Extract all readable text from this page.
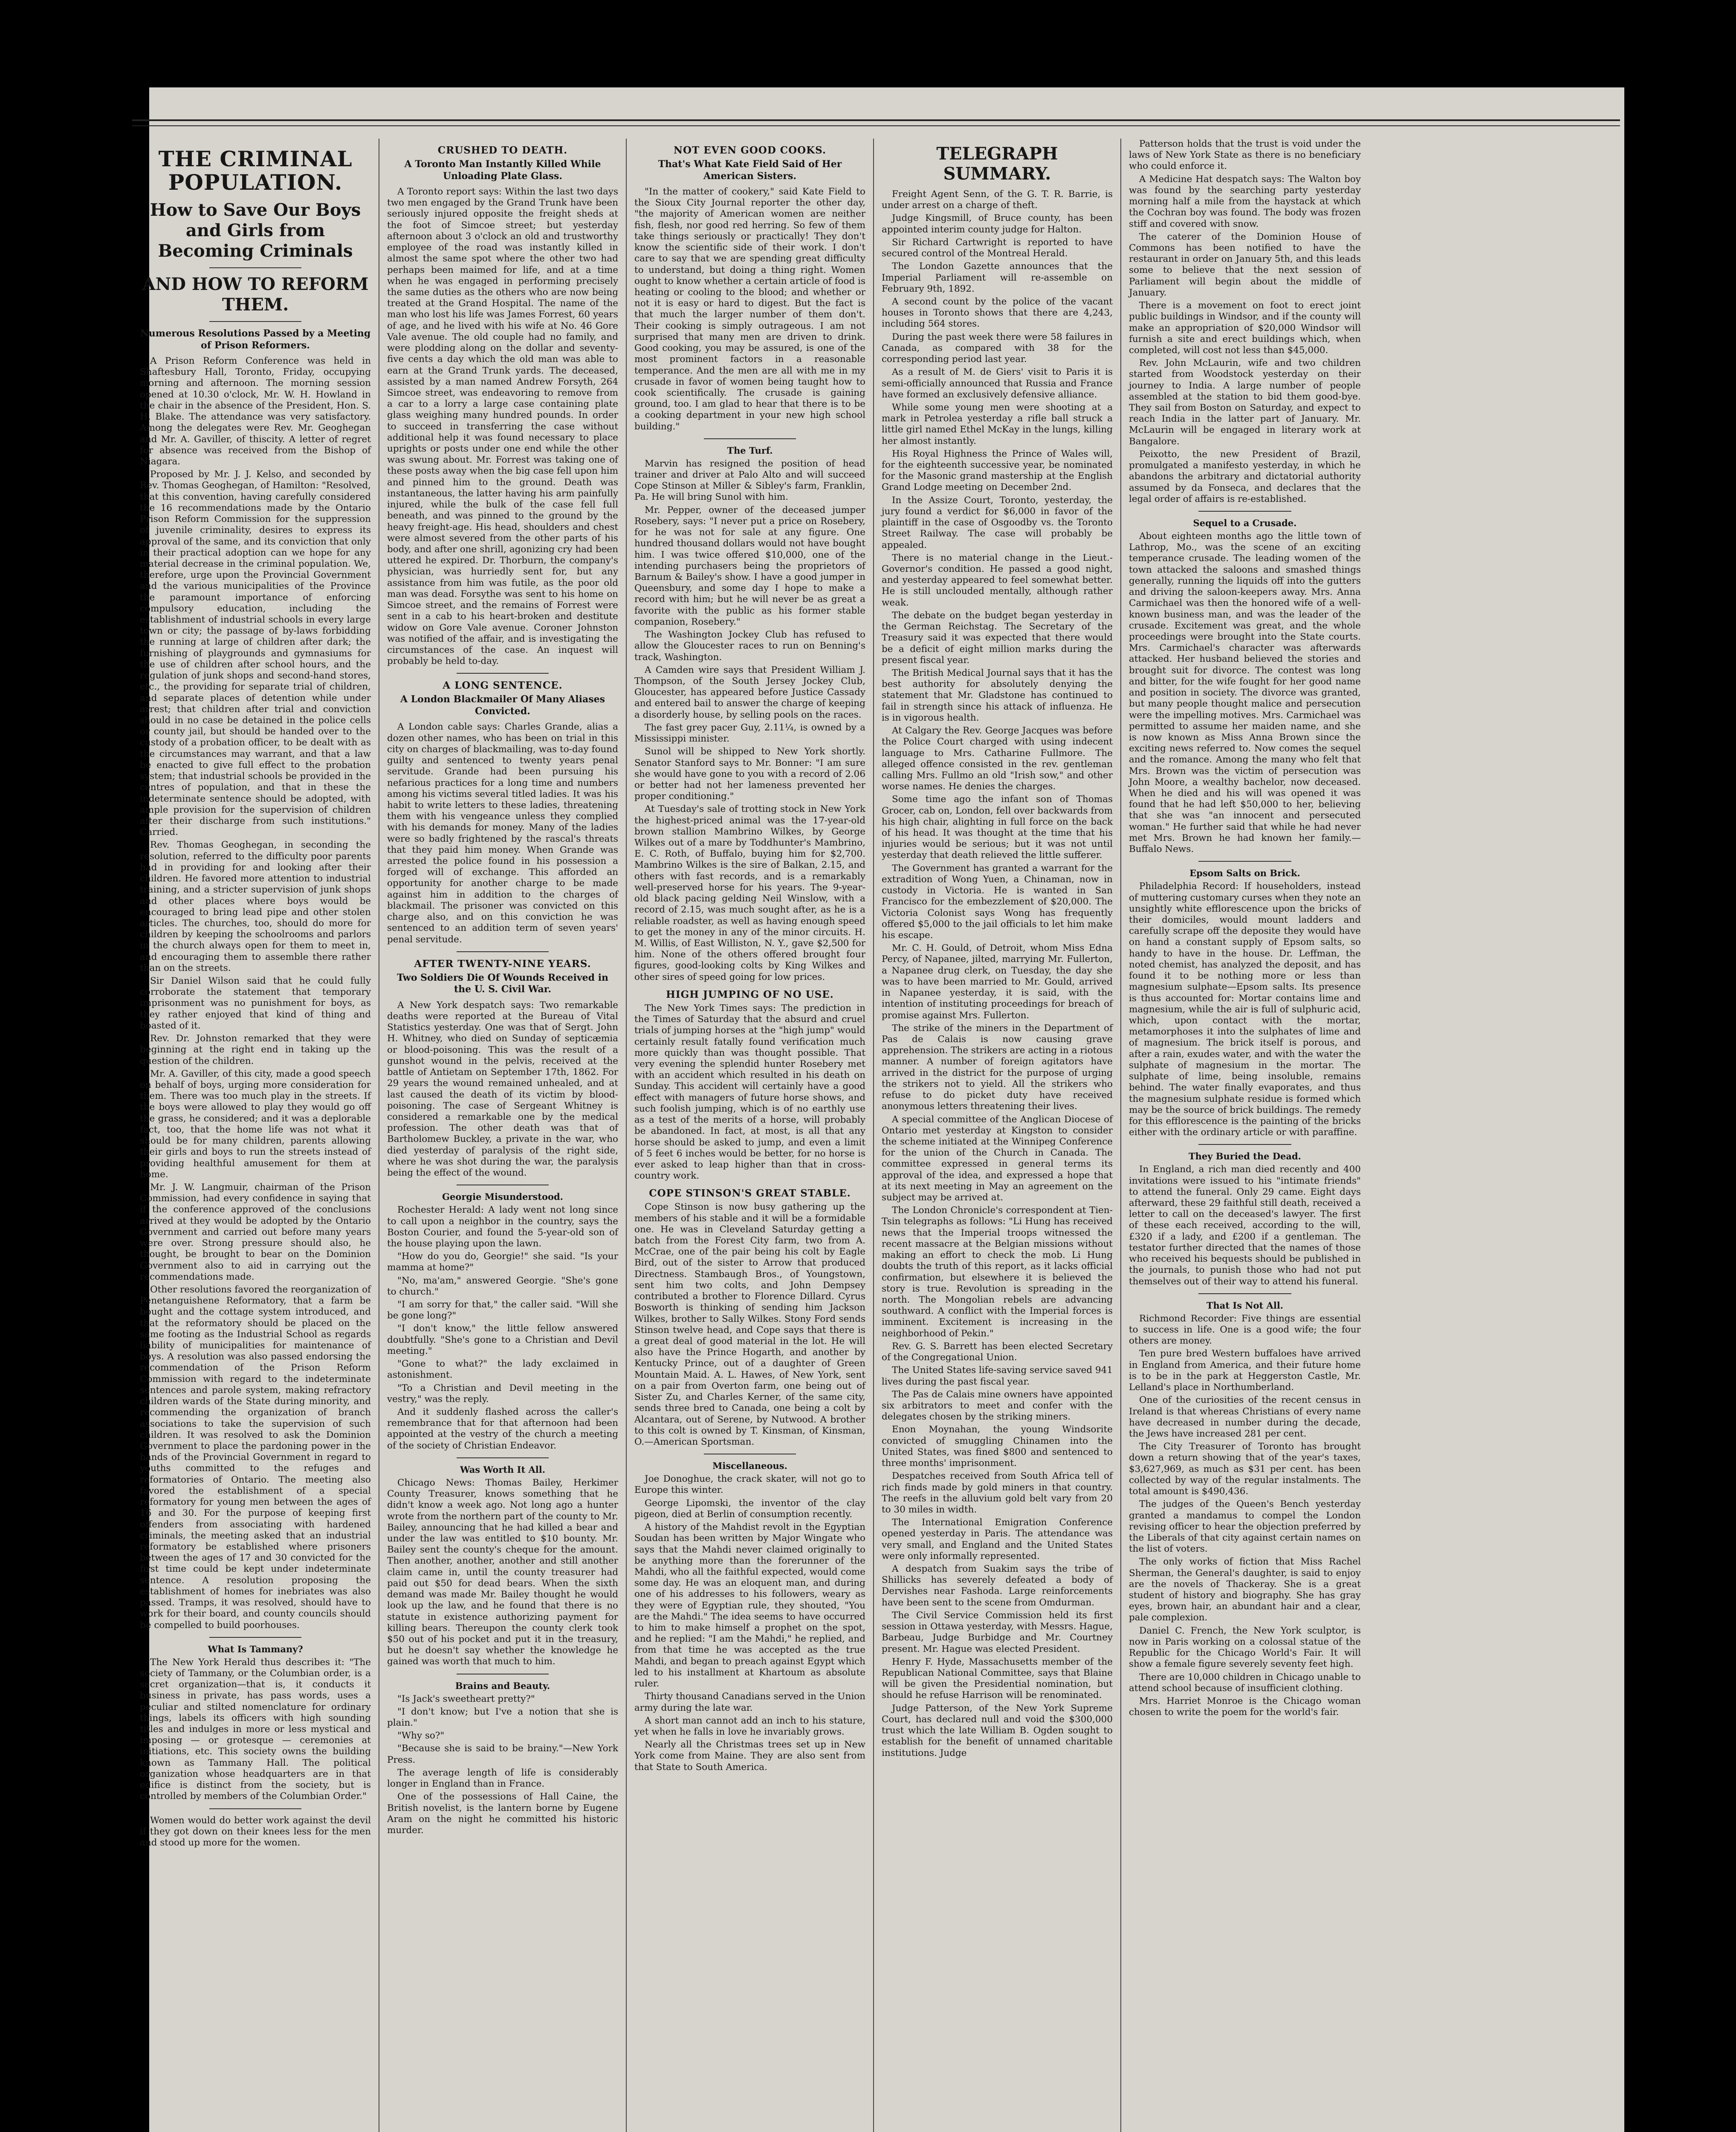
THE CRIMINAL POPULATION.
How to Save Our Boys and Girls from Becoming Criminals
AND HOW TO REFORM THEM.
Numerous Resolutions Passed by a Meeting of Prison Reformers.

A Prison Reform Conference was held in Shaftesbury Hall, Toronto, Friday, occupying morning and afternoon. The morning session opened at 10.30 o'clock, Mr. W. H. Howland in the chair in the absence of the President, Hon. S. H. Blake. The attendance was very satisfactory. Among the delegates were Rev. Mr. Geoghegan and Mr. A. Gaviller, of thiscity. A letter of regret for absence was received from the Bishop of Niagara.

Proposed by Mr. J. J. Kelso, and seconded by Rev. Thomas Geoghegan, of Hamilton: "Resolved, that this convention, having carefully considered the 16 recommendations made by the Ontario Prison Reform Commission for the suppression of juvenile criminality, desires to express its approval of the same, and its conviction that only in their practical adoption can we hope for any material decrease in the criminal population. We, therefore, urge upon the Provincial Government and the various municipalities of the Province the paramount importance of enforcing compulsory education, including the establishment of industrial schools in every large town or city; the passage of by-laws forbidding the running at large of children after dark; the furnishing of playgrounds and gymnasiums for the use of children after school hours, and the regulation of junk shops and second-hand stores, etc., the providing for separate trial of children, and separate places of detention while under arrest; that children after trial and conviction should in no case be detained in the police cells or county jail, but should be handed over to the custody of a probation officer, to be dealt with as the circumstances may warrant, and that a law be enacted to give full effect to the probation system; that industrial schools be provided in the centres of population, and that in these the indeterminate sentence should be adopted, with ample provision for the supervision of children after their discharge from such institutions." Carried.

Rev. Thomas Geoghegan, in seconding the resolution, referred to the difficulty poor parents had in providing for and looking after their children. He favored more attention to industrial training, and a stricter supervision of junk shops and other places where boys would be encouraged to bring lead pipe and other stolen articles. The churches, too, should do more for children by keeping the schoolrooms and parlors in the church always open for them to meet in, and encouraging them to assemble there rather than on the streets.

Sir Daniel Wilson said that he could fully corroborate the statement that temporary imprisonment was no punishment for boys, as they rather enjoyed that kind of thing and boasted of it.

Rev. Dr. Johnston remarked that they were beginning at the right end in taking up the question of the children.

Mr. A. Gaviller, of this city, made a good speech on behalf of boys, urging more consideration for them. There was too much play in the streets. If the boys were allowed to play they would go off the grass, he considered; and it was a deplorable fact, too, that the home life was not what it should be for many children, parents allowing their girls and boys to run the streets instead of providing healthful amusement for them at home.

Mr. J. W. Langmuir, chairman of the Prison Commission, had every confidence in saying that if the conference approved of the conclusions arrived at they would be adopted by the Ontario Government and carried out before many years were over. Strong pressure should also, he thought, be brought to bear on the Dominion Government also to aid in carrying out the recommendations made.

Other resolutions favored the reorganization of Penetanguishene Reformatory, that a farm be bought and the cottage system introduced, and that the reformatory should be placed on the same footing as the Industrial School as regards liability of municipalities for maintenance of boys. A resolution was also passed endorsing the recommendation of the Prison Reform Commission with regard to the indeterminate sentences and parole system, making refractory children wards of the State during minority, and recommending the organization of branch associations to take the supervision of such children. It was resolved to ask the Dominion Government to place the pardoning power in the hands of the Provincial Government in regard to youths committed to the refuges and reformatories of Ontario. The meeting also favored the establishment of a special reformatory for young men between the ages of 16 and 30. For the purpose of keeping first offenders from associating with hardened criminals, the meeting asked that an industrial reformatory be established where prisoners between the ages of 17 and 30 convicted for the first time could be kept under indeterminate sentence. A resolution proposing the establishment of homes for inebriates was also passed. Tramps, it was resolved, should have to work for their board, and county councils should be compelled to build poorhouses.

What Is Tammany?

The New York Herald thus describes it: "The society of Tammany, or the Columbian order, is a secret organization—that is, it conducts it business in private, has pass words, uses a peculiar and stilted nomenclature for ordinary things, labels its officers with high sounding titles and indulges in more or less mystical and imposing — or grotesque — ceremonies at initiations, etc. This society owns the building known as Tammany Hall. The political organization whose headquarters are in that edifice is distinct from the society, but is controlled by members of the Columbian Order."

Women would do better work against the devil if they got down on their knees less for the men and stood up more for the women.

CRUSHED TO DEATH.
A Toronto Man Instantly Killed While Unloading Plate Glass.

A Toronto report says: Within the last two days two men engaged by the Grand Trunk have been seriously injured opposite the freight sheds at the foot of Simcoe street; but yesterday afternoon about 3 o'clock an old and trustworthy employee of the road was instantly killed in almost the same spot where the other two had perhaps been maimed for life, and at a time when he was engaged in performing precisely the same duties as the others who are now being treated at the Grand Hospital. The name of the man who lost his life was James Forrest, 60 years of age, and he lived with his wife at No. 46 Gore Vale avenue. The old couple had no family, and were plodding along on the dollar and seventy-five cents a day which the old man was able to earn at the Grand Trunk yards. The deceased, assisted by a man named Andrew Forsyth, 264 Simcoe street, was endeavoring to remove from a car to a lorry a large case containing plate glass weighing many hundred pounds. In order to succeed in transferring the case without additional help it was found necessary to place uprights or posts under one end while the other was swung about. Mr. Forrest was taking one of these posts away when the big case fell upon him and pinned him to the ground. Death was instantaneous, the latter having his arm painfully injured, while the bulk of the case fell full beneath, and was pinned to the ground by the heavy freight-age. His head, shoulders and chest were almost severed from the other parts of his body, and after one shrill, agonizing cry had been uttered he expired. Dr. Thorburn, the company's physician, was hurriedly sent for, but any assistance from him was futile, as the poor old man was dead. Forsythe was sent to his home on Simcoe street, and the remains of Forrest were sent in a cab to his heart-broken and destitute widow on Gore Vale avenue. Coroner Johnston was notified of the affair, and is investigating the circumstances of the case. An inquest will probably be held to-day.

A LONG SENTENCE.
A London Blackmailer Of Many Aliases Convicted.

A London cable says: Charles Grande, alias a dozen other names, who has been on trial in this city on charges of blackmailing, was to-day found guilty and sentenced to twenty years penal servitude. Grande had been pursuing his nefarious practices for a long time and numbers among his victims several titled ladies. It was his habit to write letters to these ladies, threatening them with his vengeance unless they complied with his demands for money. Many of the ladies were so badly frightened by the rascal's threats that they paid him money. When Grande was arrested the police found in his possession a forged will of exchange. This afforded an opportunity for another charge to be made against him in addition to the charges of blackmail. The prisoner was convicted on this charge also, and on this conviction he was sentenced to an addition term of seven years' penal servitude.

AFTER TWENTY-NINE YEARS.
Two Soldiers Die Of Wounds Received in the U. S. Civil War.

A New York despatch says: Two remarkable deaths were reported at the Bureau of Vital Statistics yesterday. One was that of Sergt. John H. Whitney, who died on Sunday of septicæmia or blood-poisoning. This was the result of a gunshot wound in the pelvis, received at the battle of Antietam on September 17th, 1862. For 29 years the wound remained unhealed, and at last caused the death of its victim by blood-poisoning. The case of Sergeant Whitney is considered a remarkable one by the medical profession. The other death was that of Bartholomew Buckley, a private in the war, who died yesterday of paralysis of the right side, where he was shot during the war, the paralysis being the effect of the wound.

Georgie Misunderstood.

Rochester Herald: A lady went not long since to call upon a neighbor in the country, says the Boston Courier, and found the 5-year-old son of the house playing upon the lawn.

"How do you do, Georgie!" she said. "Is your mamma at home?"

"No, ma'am," answered Georgie. "She's gone to church."

"I am sorry for that," the caller said. "Will she be gone long?"

"I don't know," the little fellow answered doubtfully. "She's gone to a Christian and Devil meeting."

"Gone to what?" the lady exclaimed in astonishment.

"To a Christian and Devil meeting in the vestry," was the reply.

And it suddenly flashed across the caller's remembrance that for that afternoon had been appointed at the vestry of the church a meeting of the society of Christian Endeavor.

Was Worth It All.

Chicago News: Thomas Bailey, Herkimer County Treasurer, knows something that he didn't know a week ago. Not long ago a hunter wrote from the northern part of the county to Mr. Bailey, announcing that he had killed a bear and under the law was entitled to $10 bounty. Mr. Bailey sent the county's cheque for the amount. Then another, another, another and still another claim came in, until the county treasurer had paid out $50 for dead bears. When the sixth demand was made Mr. Bailey thought he would look up the law, and he found that there is no statute in existence authorizing payment for killing bears. Thereupon the county clerk took $50 out of his pocket and put it in the treasury, but he doesn't say whether the knowledge he gained was worth that much to him.

Brains and Beauty.

"Is Jack's sweetheart pretty?"

"I don't know; but I've a notion that she is plain."

"Why so?"

"Because she is said to be brainy."—New York Press.

The average length of life is considerably longer in England than in France.

One of the possessions of Hall Caine, the British novelist, is the lantern borne by Eugene Aram on the night he committed his historic murder.

NOT EVEN GOOD COOKS.
That's What Kate Field Said of Her American Sisters.

"In the matter of cookery," said Kate Field to the Sioux City Journal reporter the other day, "the majority of American women are neither fish, flesh, nor good red herring. So few of them take things seriously or practically! They don't know the scientific side of their work. I don't care to say that we are spending great difficulty to understand, but doing a thing right. Women ought to know whether a certain article of food is heating or cooling to the blood; and whether or not it is easy or hard to digest. But the fact is that much the larger number of them don't. Their cooking is simply outrageous. I am not surprised that many men are driven to drink. Good cooking, you may be assured, is one of the most prominent factors in a reasonable temperance. And the men are all with me in my crusade in favor of women being taught how to cook scientifically. The crusade is gaining ground, too. I am glad to hear that there is to be a cooking department in your new high school building."

The Turf.

Marvin has resigned the position of head trainer and driver at Palo Alto and will succeed Cope Stinson at Miller & Sibley's farm, Franklin, Pa. He will bring Sunol with him.

Mr. Pepper, owner of the deceased jumper Rosebery, says: "I never put a price on Rosebery, for he was not for sale at any figure. One hundred thousand dollars would not have bought him. I was twice offered $10,000, one of the intending purchasers being the proprietors of Barnum & Bailey's show. I have a good jumper in Queensbury, and some day I hope to make a record with him; but he will never be as great a favorite with the public as his former stable companion, Rosebery."

The Washington Jockey Club has refused to allow the Gloucester races to run on Benning's track, Washington.

A Camden wire says that President William J. Thompson, of the South Jersey Jockey Club, Gloucester, has appeared before Justice Cassady and entered bail to answer the charge of keeping a disorderly house, by selling pools on the races.

The fast grey pacer Guy, 2.11¼, is owned by a Mississippi minister.

Sunol will be shipped to New York shortly. Senator Stanford says to Mr. Bonner: "I am sure she would have gone to you with a record of 2.06 or better had not her lameness prevented her proper conditioning."

At Tuesday's sale of trotting stock in New York the highest-priced animal was the 17-year-old brown stallion Mambrino Wilkes, by George Wilkes out of a mare by Toddhunter's Mambrino, E. C. Roth, of Buffalo, buying him for $2,700. Mambrino Wilkes is the sire of Balkan, 2.15, and others with fast records, and is a remarkably well-preserved horse for his years. The 9-year-old black pacing gelding Neil Winslow, with a record of 2.15, was much sought after, as he is a reliable roadster, as well as having enough speed to get the money in any of the minor circuits. H. M. Willis, of East Williston, N. Y., gave $2,500 for him. None of the others offered brought four figures, good-looking colts by King Wilkes and other sires of speed going for low prices.

HIGH JUMPING OF NO USE.

The New York Times says: The prediction in the Times of Saturday that the absurd and cruel trials of jumping horses at the "high jump" would certainly result fatally found verification much more quickly than was thought possible. That very evening the splendid hunter Rosebery met with an accident which resulted in his death on Sunday. This accident will certainly have a good effect with managers of future horse shows, and such foolish jumping, which is of no earthly use as a test of the merits of a horse, will probably be abandoned. In fact, at most, is all that any horse should be asked to jump, and even a limit of 5 feet 6 inches would be better, for no horse is ever asked to leap higher than that in cross-country work.

COPE STINSON'S GREAT STABLE.

Cope Stinson is now busy gathering up the members of his stable and it will be a formidable one. He was in Cleveland Saturday getting a batch from the Forest City farm, two from A. McCrae, one of the pair being his colt by Eagle Bird, out of the sister to Arrow that produced Directness. Stambaugh Bros., of Youngstown, sent him two colts, and John Dempsey contributed a brother to Florence Dillard. Cyrus Bosworth is thinking of sending him Jackson Wilkes, brother to Sally Wilkes. Stony Ford sends Stinson twelve head, and Cope says that there is a great deal of good material in the lot. He will also have the Prince Hogarth, and another by Kentucky Prince, out of a daughter of Green Mountain Maid. A. L. Hawes, of New York, sent on a pair from Overton farm, one being out of Sister Zu, and Charles Kerner, of the same city, sends three bred to Canada, one being a colt by Alcantara, out of Serene, by Nutwood. A brother to this colt is owned by T. Kinsman, of Kinsman, O.—American Sportsman.

Miscellaneous.

Joe Donoghue, the crack skater, will not go to Europe this winter.

George Lipomski, the inventor of the clay pigeon, died at Berlin of consumption recently.

A history of the Mahdist revolt in the Egyptian Soudan has been written by Major Wingate who says that the Mahdi never claimed originally to be anything more than the forerunner of the Mahdi, who all the faithful expected, would come some day. He was an eloquent man, and during one of his addresses to his followers, weary as they were of Egyptian rule, they shouted, "You are the Mahdi." The idea seems to have occurred to him to make himself a prophet on the spot, and he replied: "I am the Mahdi," he replied, and from that time he was accepted as the true Mahdi, and began to preach against Egypt which led to his installment at Khartoum as absolute ruler.

Thirty thousand Canadians served in the Union army during the late war.

A short man cannot add an inch to his stature, yet when he falls in love he invariably grows.

Nearly all the Christmas trees set up in New York come from Maine. They are also sent from that State to South America.

TELEGRAPH SUMMARY.

Freight Agent Senn, of the G. T. R. Barrie, is under arrest on a charge of theft.

Judge Kingsmill, of Bruce county, has been appointed interim county judge for Halton.

Sir Richard Cartwright is reported to have secured control of the Montreal Herald.

The London Gazette announces that the Imperial Parliament will re-assemble on February 9th, 1892.

A second count by the police of the vacant houses in Toronto shows that there are 4,243, including 564 stores.

During the past week there were 58 failures in Canada, as compared with 38 for the corresponding period last year.

As a result of M. de Giers' visit to Paris it is semi-officially announced that Russia and France have formed an exclusively defensive alliance.

While some young men were shooting at a mark in Petrolea yesterday a rifle ball struck a little girl named Ethel McKay in the lungs, killing her almost instantly.

His Royal Highness the Prince of Wales will, for the eighteenth successive year, be nominated for the Masonic grand mastership at the English Grand Lodge meeting on December 2nd.

In the Assize Court, Toronto, yesterday, the jury found a verdict for $6,000 in favor of the plaintiff in the case of Osgoodby vs. the Toronto Street Railway. The case will probably be appealed.

There is no material change in the Lieut.-Governor's condition. He passed a good night, and yesterday appeared to feel somewhat better. He is still unclouded mentally, although rather weak.

The debate on the budget began yesterday in the German Reichstag. The Secretary of the Treasury said it was expected that there would be a deficit of eight million marks during the present fiscal year.

The British Medical Journal says that it has the best authority for absolutely denying the statement that Mr. Gladstone has continued to fail in strength since his attack of influenza. He is in vigorous health.

At Calgary the Rev. George Jacques was before the Police Court charged with using indecent language to Mrs. Catharine Fullmore. The alleged offence consisted in the rev. gentleman calling Mrs. Fullmo an old "Irish sow," and other worse names. He denies the charges.

Some time ago the infant son of Thomas Grocer, cab on, London, fell over backwards from his high chair, alighting in full force on the back of his head. It was thought at the time that his injuries would be serious; but it was not until yesterday that death relieved the little sufferer.

The Government has granted a warrant for the extradition of Wong Yuen, a Chinaman, now in custody in Victoria. He is wanted in San Francisco for the embezzlement of $20,000. The Victoria Colonist says Wong has frequently offered $5,000 to the jail officials to let him make his escape.

Mr. C. H. Gould, of Detroit, whom Miss Edna Percy, of Napanee, jilted, marrying Mr. Fullerton, a Napanee drug clerk, on Tuesday, the day she was to have been married to Mr. Gould, arrived in Napanee yesterday, it is said, with the intention of instituting proceedings for breach of promise against Mrs. Fullerton.

The strike of the miners in the Department of Pas de Calais is now causing grave apprehension. The strikers are acting in a riotous manner. A number of foreign agitators have arrived in the district for the purpose of urging the strikers not to yield. All the strikers who refuse to do picket duty have received anonymous letters threatening their lives.

A special committee of the Anglican Diocese of Ontario met yesterday at Kingston to consider the scheme initiated at the Winnipeg Conference for the union of the Church in Canada. The committee expressed in general terms its approval of the idea, and expressed a hope that at its next meeting in May an agreement on the subject may be arrived at.

The London Chronicle's correspondent at Tien-Tsin telegraphs as follows: "Li Hung has received news that the Imperial troops witnessed the recent massacre at the Belgian missions without making an effort to check the mob. Li Hung doubts the truth of this report, as it lacks official confirmation, but elsewhere it is believed the story is true. Revolution is spreading in the north. The Mongolian rebels are advancing southward. A conflict with the Imperial forces is imminent. Excitement is increasing in the neighborhood of Pekin."

Rev. G. S. Barrett has been elected Secretary of the Congregational Union.

The United States life-saving service saved 941 lives during the past fiscal year.

The Pas de Calais mine owners have appointed six arbitrators to meet and confer with the delegates chosen by the striking miners.

Enon Moynahan, the young Windsorite convicted of smuggling Chinamen into the United States, was fined $800 and sentenced to three months' imprisonment.

Despatches received from South Africa tell of rich finds made by gold miners in that country. The reefs in the alluvium gold belt vary from 20 to 30 miles in width.

The International Emigration Conference opened yesterday in Paris. The attendance was very small, and England and the United States were only informally represented.

A despatch from Suakim says the tribe of Shillicks has severely defeated a body of Dervishes near Fashoda. Large reinforcements have been sent to the scene from Omdurman.

The Civil Service Commission held its first session in Ottawa yesterday, with Messrs. Hague, Barbeau, Judge Burbidge and Mr. Courtney present. Mr. Hague was elected President.

Henry F. Hyde, Massachusetts member of the Republican National Committee, says that Blaine will be given the Presidential nomination, but should he refuse Harrison will be renominated.

Judge Patterson, of the New York Supreme Court, has declared null and void the $300,000 trust which the late William B. Ogden sought to establish for the benefit of unnamed charitable institutions. Judge

Patterson holds that the trust is void under the laws of New York State as there is no beneficiary who could enforce it.

A Medicine Hat despatch says: The Walton boy was found by the searching party yesterday morning half a mile from the haystack at which the Cochran boy was found. The body was frozen stiff and covered with snow.

The caterer of the Dominion House of Commons has been notified to have the restaurant in order on January 5th, and this leads some to believe that the next session of Parliament will begin about the middle of January.

There is a movement on foot to erect joint public buildings in Windsor, and if the county will make an appropriation of $20,000 Windsor will furnish a site and erect buildings which, when completed, will cost not less than $45,000.

Rev. John McLaurin, wife and two children started from Woodstock yesterday on their journey to India. A large number of people assembled at the station to bid them good-bye. They sail from Boston on Saturday, and expect to reach India in the latter part of January. Mr. McLaurin will be engaged in literary work at Bangalore.

Peixotto, the new President of Brazil, promulgated a manifesto yesterday, in which he abandons the arbitrary and dictatorial authority assumed by da Fonseca, and declares that the legal order of affairs is re-established.

Sequel to a Crusade.

About eighteen months ago the little town of Lathrop, Mo., was the scene of an exciting temperance crusade. The leading women of the town attacked the saloons and smashed things generally, running the liquids off into the gutters and driving the saloon-keepers away. Mrs. Anna Carmichael was then the honored wife of a well-known business man, and was the leader of the crusade. Excitement was great, and the whole proceedings were brought into the State courts. Mrs. Carmichael's character was afterwards attacked. Her husband believed the stories and brought suit for divorce. The contest was long and bitter, for the wife fought for her good name and position in society. The divorce was granted, but many people thought malice and persecution were the impelling motives. Mrs. Carmichael was permitted to assume her maiden name, and she is now known as Miss Anna Brown since the exciting news referred to. Now comes the sequel and the romance. Among the many who felt that Mrs. Brown was the victim of persecution was John Moore, a wealthy bachelor, now deceased. When he died and his will was opened it was found that he had left $50,000 to her, believing that she was "an innocent and persecuted woman." He further said that while he had never met Mrs. Brown he had known her family.—Buffalo News.

Epsom Salts on Brick.

Philadelphia Record: If householders, instead of muttering customary curses when they note an unsightly white efflorescence upon the bricks of their domiciles, would mount ladders and carefully scrape off the deposite they would have on hand a constant supply of Epsom salts, so handy to have in the house. Dr. Leffman, the noted chemist, has analyzed the deposit, and has found it to be nothing more or less than magnesium sulphate—Epsom salts. Its presence is thus accounted for: Mortar contains lime and magnesium, while the air is full of sulphuric acid, which, upon contact with the mortar, metamorphoses it into the sulphates of lime and of magnesium. The brick itself is porous, and after a rain, exudes water, and with the water the sulphate of magnesium in the mortar. The sulphate of lime, being insoluble, remains behind. The water finally evaporates, and thus the magnesium sulphate residue is formed which may be the source of brick buildings. The remedy for this efflorescence is the painting of the bricks either with the ordinary article or with paraffine.

They Buried the Dead.

In England, a rich man died recently and 400 invitations were issued to his "intimate friends" to attend the funeral. Only 29 came. Eight days afterward, these 29 faithful still death, received a letter to call on the deceased's lawyer. The first of these each received, according to the will, £320 if a lady, and £200 if a gentleman. The testator further directed that the names of those who received his bequests should be published in the journals, to punish those who had not put themselves out of their way to attend his funeral.

That Is Not All.

Richmond Recorder: Five things are essential to success in life. One is a good wife; the four others are money.

Ten pure bred Western buffaloes have arrived in England from America, and their future home is to be in the park at Heggerston Castle, Mr. Lelland's place in Northumberland.

One of the curiosities of the recent census in Ireland is that whereas Christians of every name have decreased in number during the decade, the Jews have increased 281 per cent.

The City Treasurer of Toronto has brought down a return showing that of the year's taxes, $3,627,969, as much as $31 per cent. has been collected by way of the regular instalments. The total amount is $490,436.

The judges of the Queen's Bench yesterday granted a mandamus to compel the London revising officer to hear the objection preferred by the Liberals of that city against certain names on the list of voters.

The only works of fiction that Miss Rachel Sherman, the General's daughter, is said to enjoy are the novels of Thackeray. She is a great student of history and biography. She has gray eyes, brown hair, an abundant hair and a clear, pale complexion.

Daniel C. French, the New York sculptor, is now in Paris working on a colossal statue of the Republic for the Chicago World's Fair. It will show a female figure severely seventy feet high.

There are 10,000 children in Chicago unable to attend school because of insufficient clothing.

Mrs. Harriet Monroe is the Chicago woman chosen to write the poem for the world's fair.
